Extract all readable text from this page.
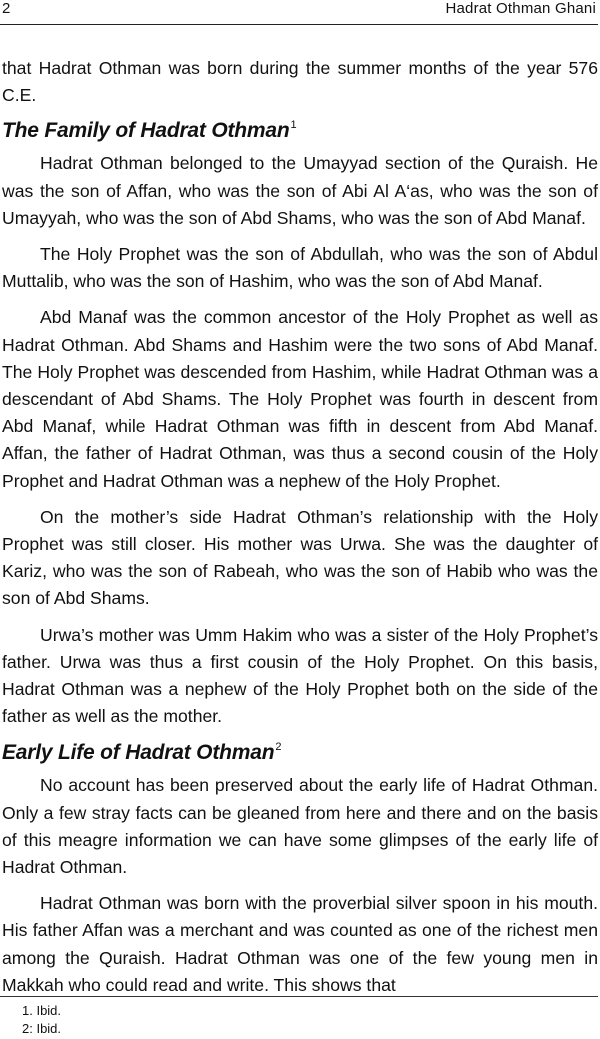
2	Hadrat Othman Ghani

that Hadrat Othman was born during the summer months of the year 576 C.E.

The Family of Hadrat Othman$^1$

Hadrat Othman belonged to the Umayyad section of the Quraish. He was the son of Affan, who was the son of Abi Al A‘as, who was the son of Umayyah, who was the son of Abd Shams, who was the son of Abd Manaf.

The Holy Prophet was the son of Abdullah, who was the son of Abdul Muttalib, who was the son of Hashim, who was the son of Abd Manaf.

Abd Manaf was the common ancestor of the Holy Prophet as well as Hadrat Othman. Abd Shams and Hashim were the two sons of Abd Manaf. The Holy Prophet was descended from Hashim, while Hadrat Othman was a descendant of Abd Shams. The Holy Prophet was fourth in descent from Abd Manaf, while Hadrat Othman was fifth in descent from Abd Manaf. Affan, the father of Hadrat Othman, was thus a second cousin of the Holy Prophet and Hadrat Othman was a nephew of the Holy Prophet.

On the mother’s side Hadrat Othman’s relationship with the Holy Prophet was still closer. His mother was Urwa. She was the daughter of Kariz, who was the son of Rabeah, who was the son of Habib who was the son of Abd Shams.

Urwa’s mother was Umm Hakim who was a sister of the Holy Prophet’s father. Urwa was thus a first cousin of the Holy Prophet. On this basis, Hadrat Othman was a nephew of the Holy Prophet both on the side of the father as well as the mother.

Early Life of Hadrat Othman$^2$

No account has been preserved about the early life of Hadrat Othman. Only a few stray facts can be gleaned from here and there and on the basis of this meagre information we can have some glimpses of the early life of Hadrat Othman.

Hadrat Othman was born with the proverbial silver spoon in his mouth. His father Affan was a merchant and was counted as one of the richest men among the Quraish. Hadrat Othman was one of the few young men in Makkah who could read and write. This shows that

1. Ibid.
2: Ibid.
